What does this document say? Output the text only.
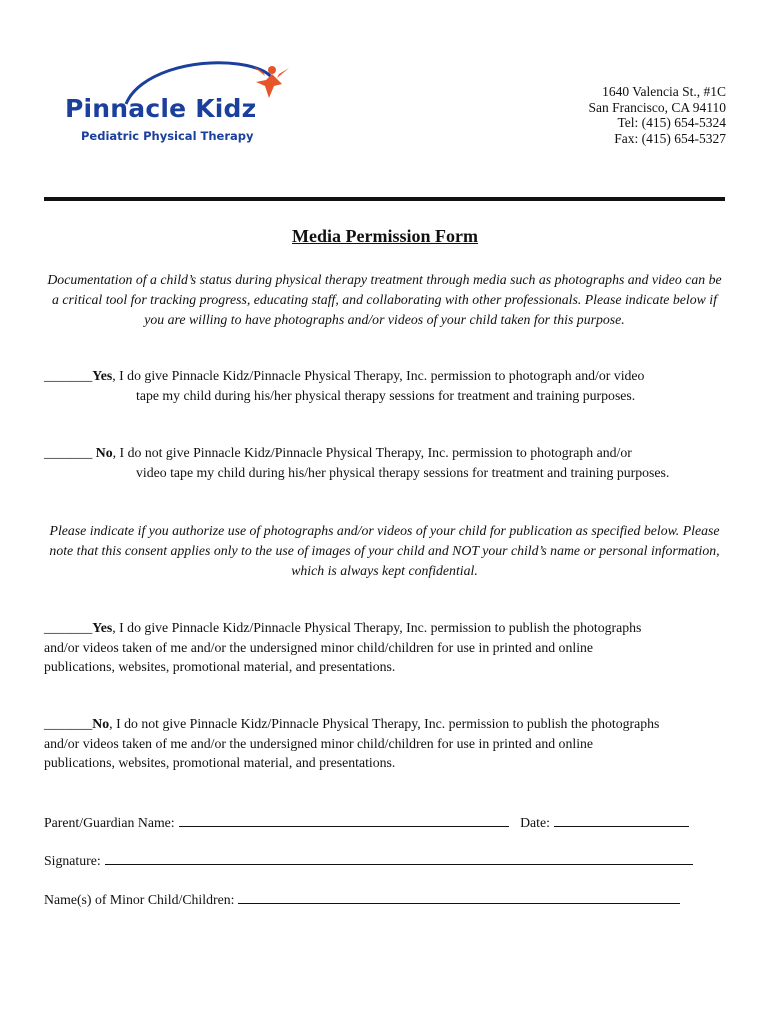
Pinnacle Kidz
Pediatric Physical Therapy
1640 Valencia St., #1C
San Francisco, CA 94110
Tel: (415) 654-5324
Fax: (415) 654-5327
Media Permission Form
Documentation of a child’s status during physical therapy treatment through media such as photographs and video can be a critical tool for tracking progress, educating staff, and collaborating with other professionals. Please indicate below if you are willing to have photographs and/or videos of your child taken for this purpose.
_______Yes, I do give Pinnacle Kidz/Pinnacle Physical Therapy, Inc. permission to photograph and/or video
tape my child during his/her physical therapy sessions for treatment and training purposes.
_______ No, I do not give Pinnacle Kidz/Pinnacle Physical Therapy, Inc. permission to photograph and/or
video tape my child during his/her physical therapy sessions for treatment and training purposes.
Please indicate if you authorize use of photographs and/or videos of your child for publication as specified below. Please note that this consent applies only to the use of images of your child and NOT your child’s name or personal information, which is always kept confidential.
_______Yes, I do give Pinnacle Kidz/Pinnacle Physical Therapy, Inc. permission to publish the photographs
and/or videos taken of me and/or the undersigned minor child/children for use in printed and online
publications, websites, promotional material, and presentations.
_______No, I do not give Pinnacle Kidz/Pinnacle Physical Therapy, Inc. permission to publish the photographs
and/or videos taken of me and/or the undersigned minor child/children for use in printed and online
publications, websites, promotional material, and presentations.
Parent/Guardian Name:	Date:
Signature:
Name(s) of Minor Child/Children:
